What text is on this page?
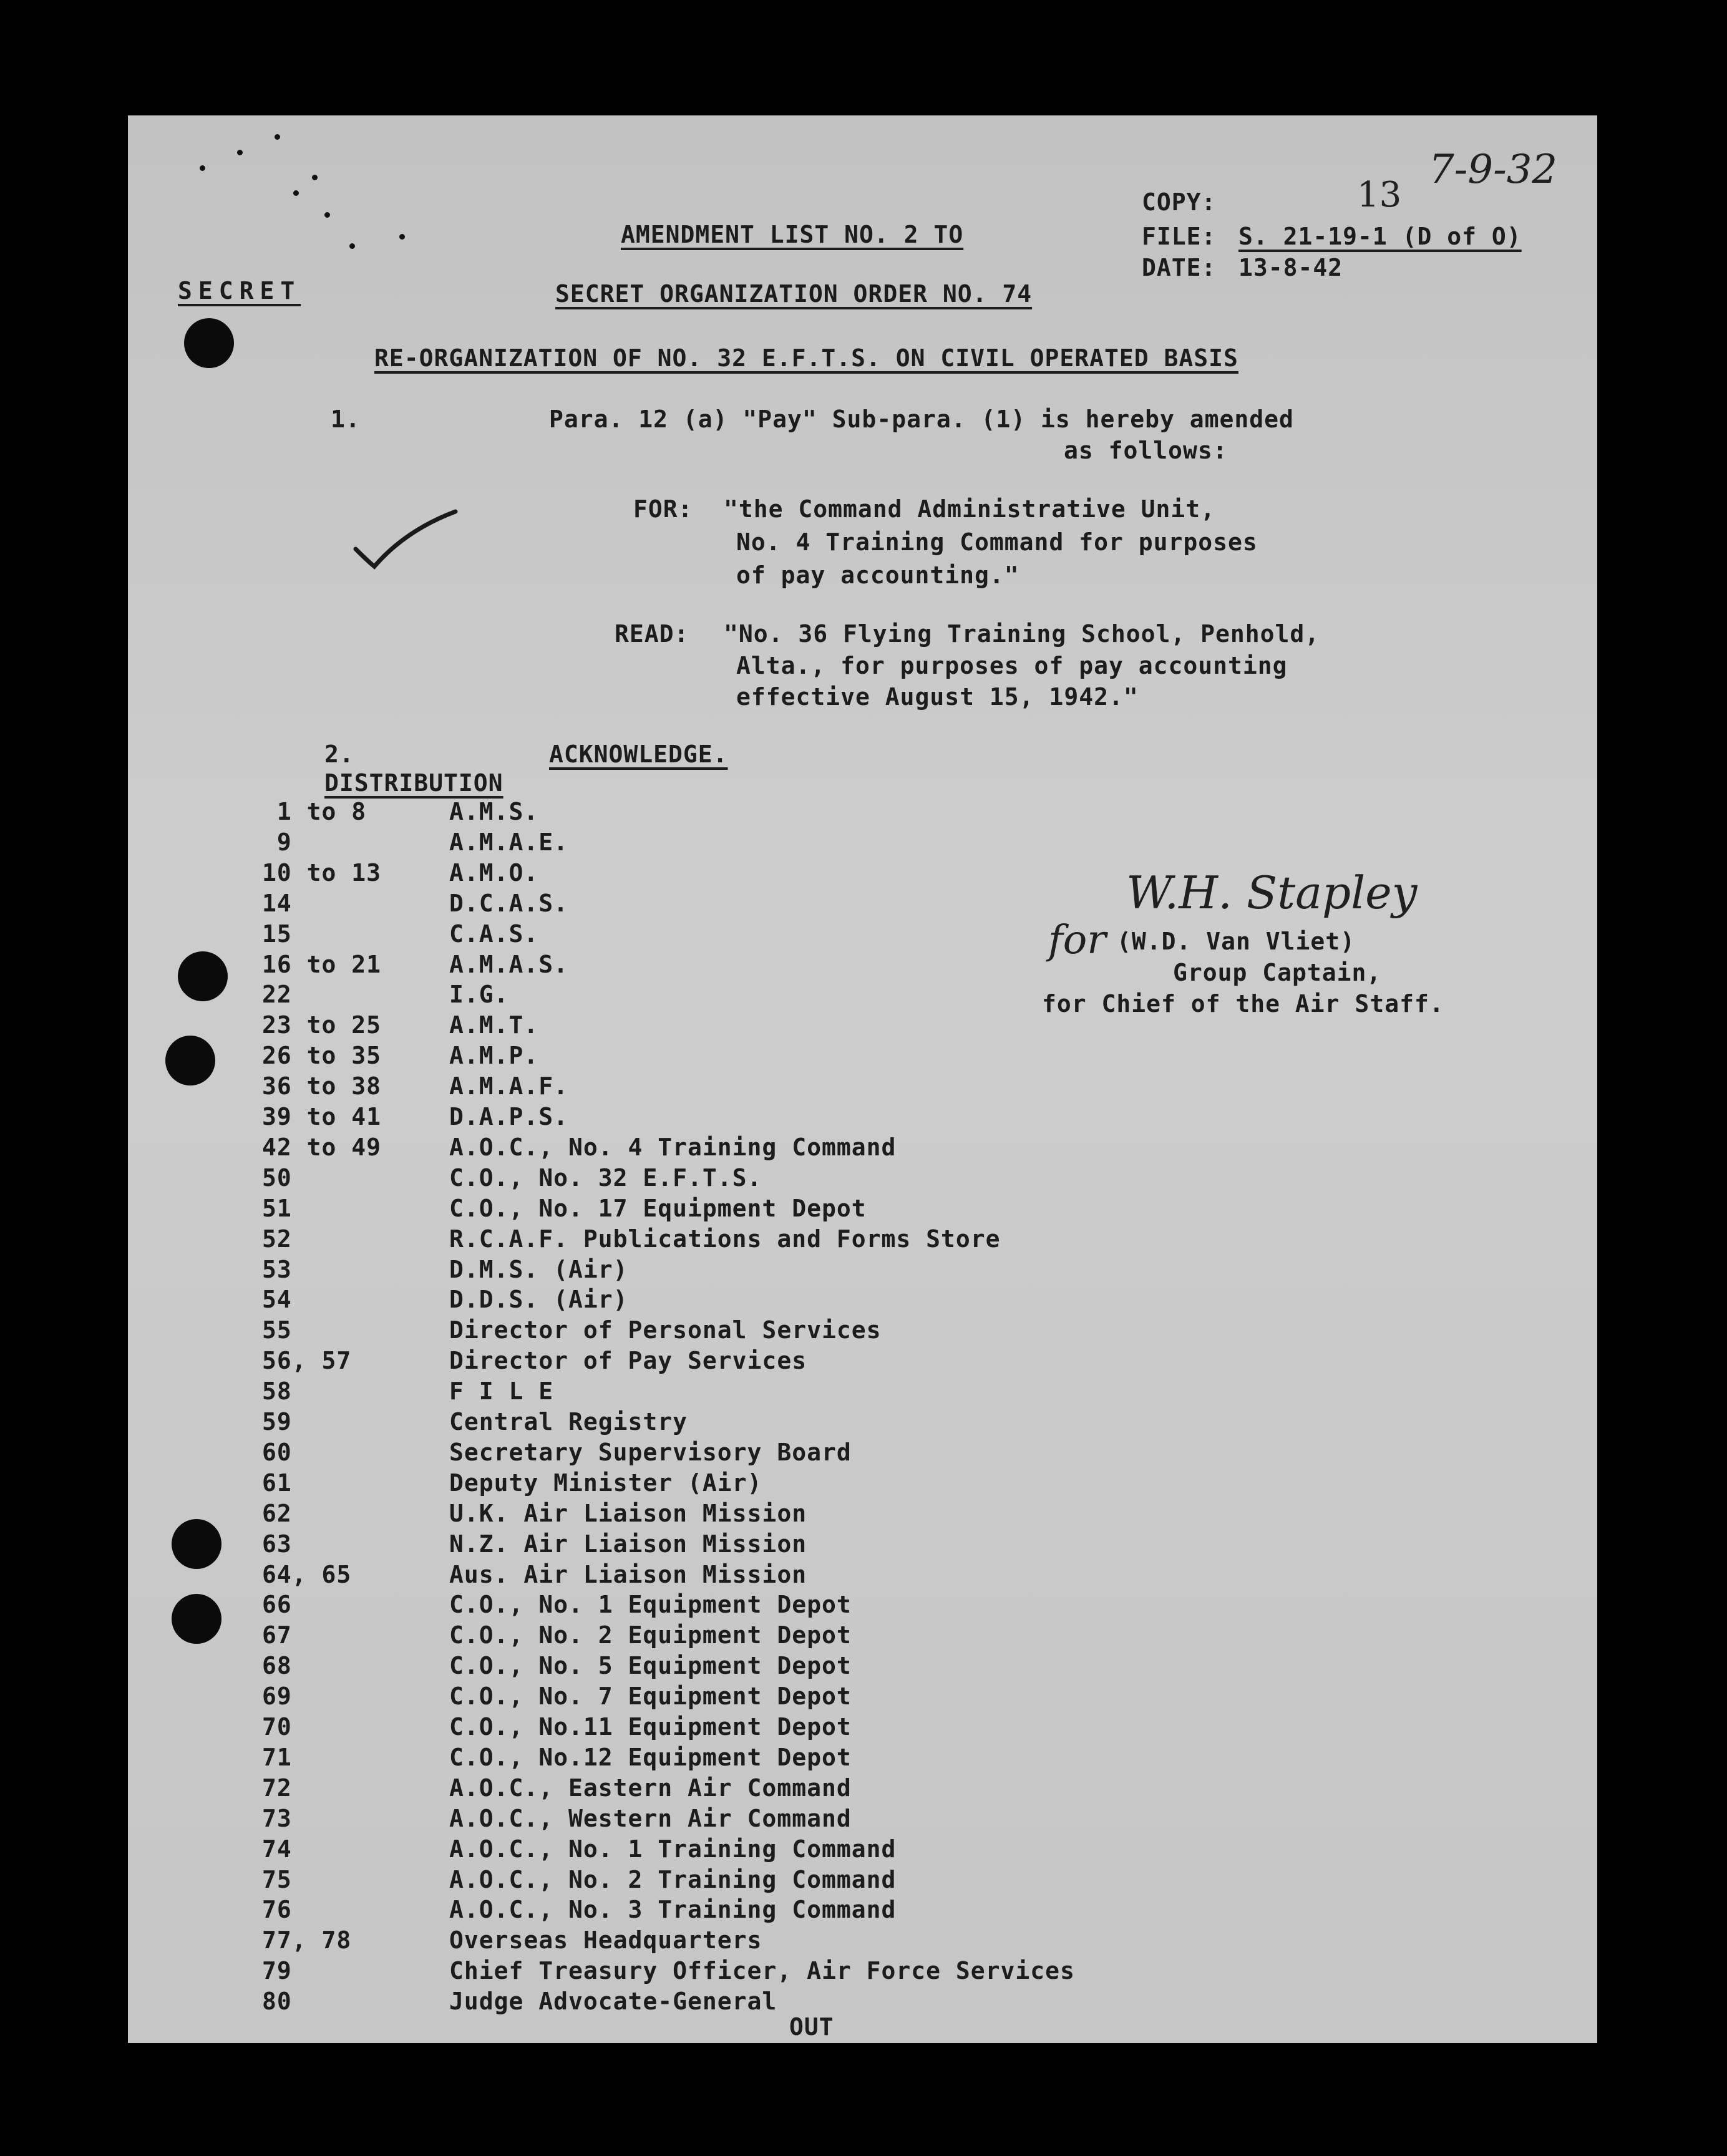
COPY:	13
7-9-32
FILE: S. 21-19-1 (D of O)
DATE: 13-8-42
AMENDMENT LIST NO. 2 TO
SECRET	SECRET ORGANIZATION ORDER NO. 74
RE-ORGANIZATION OF NO. 32 E.F.T.S. ON CIVIL OPERATED BASIS
1.	Para. 12 (a) "Pay" Sub-para. (1) is hereby amended
as follows:
FOR: "the Command Administrative Unit,
No. 4 Training Command for purposes
of pay accounting."
READ: "No. 36 Flying Training School, Penhold,
Alta., for purposes of pay accounting
effective August 15, 1942."
2.	ACKNOWLEDGE.
DISTRIBUTION
1 to 8	A.M.S.
9	A.M.A.E.
10 to 13	A.M.O.
14	D.C.A.S.
15	C.A.S.
16 to 21	A.M.A.S.
22	I.G.
23 to 25	A.M.T.
26 to 35	A.M.P.
36 to 38	A.M.A.F.
39 to 41	D.A.P.S.
42 to 49	A.O.C., No. 4 Training Command
50	C.O., No. 32 E.F.T.S.
51	C.O., No. 17 Equipment Depot
52	R.C.A.F. Publications and Forms Store
53	D.M.S. (Air)
54	D.D.S. (Air)
55	Director of Personal Services
56, 57	Director of Pay Services
58	F I L E
59	Central Registry
60	Secretary Supervisory Board
61	Deputy Minister (Air)
62	U.K. Air Liaison Mission
63	N.Z. Air Liaison Mission
64, 65	Aus. Air Liaison Mission
66	C.O., No. 1 Equipment Depot
67	C.O., No. 2 Equipment Depot
68	C.O., No. 5 Equipment Depot
69	C.O., No. 7 Equipment Depot
70	C.O., No.11 Equipment Depot
71	C.O., No.12 Equipment Depot
72	A.O.C., Eastern Air Command
73	A.O.C., Western Air Command
74	A.O.C., No. 1 Training Command
75	A.O.C., No. 2 Training Command
76	A.O.C., No. 3 Training Command
77, 78	Overseas Headquarters
79	Chief Treasury Officer, Air Force Services
80	Judge Advocate-General
W.H. Stapley
for (W.D. Van Vliet)
Group Captain,
for Chief of the Air Staff.
OUT
